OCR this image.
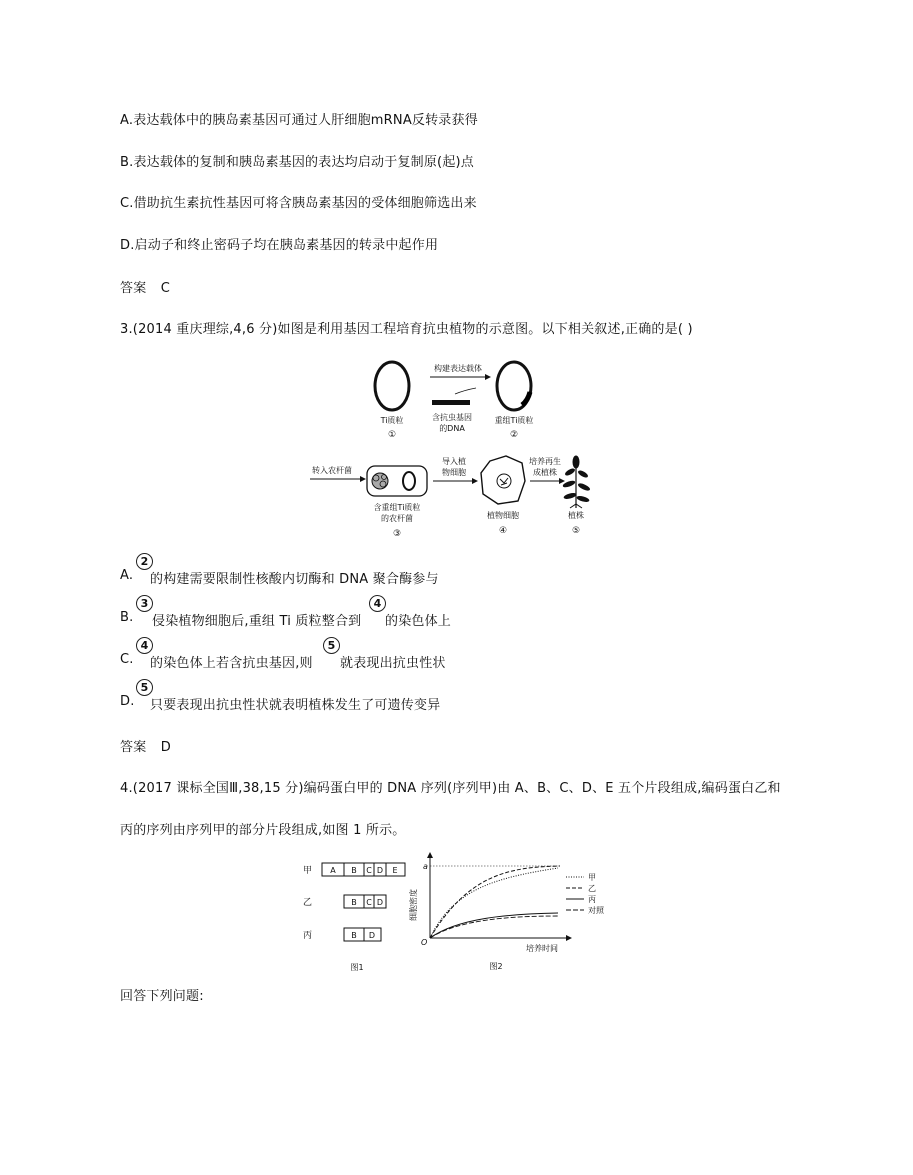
A.表达载体中的胰岛素基因可通过人肝细胞mRNA反转录获得
B.表达载体的复制和胰岛素基因的表达均启动于复制原(起)点
C.借助抗生素抗性基因可将含胰岛素基因的受体细胞筛选出来
D.启动子和终止密码子均在胰岛素基因的转录中起作用
答案 C
3.(2014 重庆理综,4,6 分)如图是利用基因工程培育抗虫植物的示意图。以下相关叙述,正确的是( )
Ti质粒
①
构建表达载体
含抗虫基因
的DNA
重组Ti质粒
②
转入农杆菌
含重组Ti质粒
的农杆菌
③
导入植
物细胞
植物细胞
④
培养再生
成植株
植株
⑤
A.
2
的构建需要限制性核酸内切酶和 DNA 聚合酶参与
B.
3
侵染植物细胞后,重组 Ti 质粒整合到
4
的染色体上
C.
4
的染色体上若含抗虫基因,则
5
就表现出抗虫性状
D.
5
只要表现出抗虫性状就表明植株发生了可遗传变异
答案 D
4.(2017 课标全国Ⅲ,38,15 分)编码蛋白甲的 DNA 序列(序列甲)由 A、B、C、D、E 五个片段组成,编码蛋白乙和
丙的序列由序列甲的部分片段组成,如图 1 所示。
甲
乙
丙
A B C D E
B C D
B D
图1
细胞密度
a
O
培养时间
甲
乙
丙
对照
图2
回答下列问题:
